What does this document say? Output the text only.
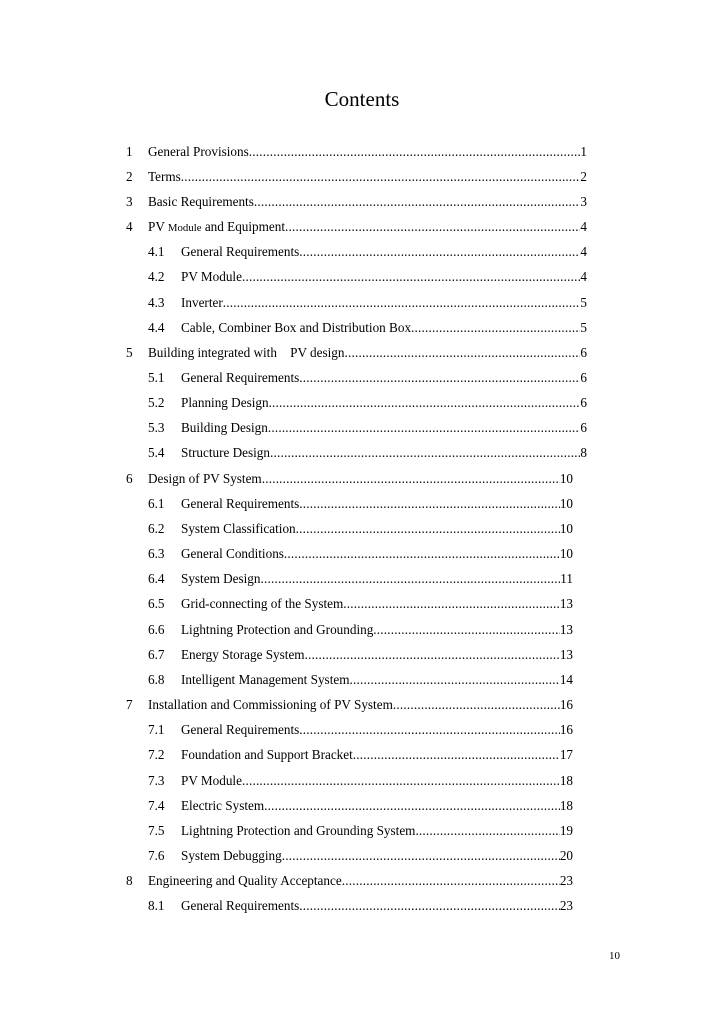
Contents
1	General Provisions .....	1
2	Terms .....	2
3	Basic Requirements .....	3
4	PV Module and Equipment .....	4
4.1	General Requirements .....	4
4.2	PV Module .....	4
4.3	Inverter .....	5
4.4	Cable, Combiner Box and Distribution Box .....	5
5	Building integrated with    PV design .....	6
5.1	General Requirements .....	6
5.2	Planning Design .....	6
5.3	Building Design .....	6
5.4	Structure Design .....	8
6	Design of PV System .....	10
6.1	General Requirements .....	10
6.2	System Classification .....	10
6.3	General Conditions .....	10
6.4	System Design .....	11
6.5	Grid-connecting of the System .....	13
6.6	Lightning Protection and Grounding .....	13
6.7	Energy Storage System .....	13
6.8	Intelligent Management System .....	14
7	Installation and Commissioning of PV System .....	16
7.1	General Requirements .....	16
7.2	Foundation and Support Bracket .....	17
7.3	PV Module .....	18
7.4	Electric System .....	18
7.5	Lightning Protection and Grounding System .....	19
7.6	System Debugging .....	20
8	Engineering and Quality Acceptance .....	23
8.1	General Requirements .....	23
10
